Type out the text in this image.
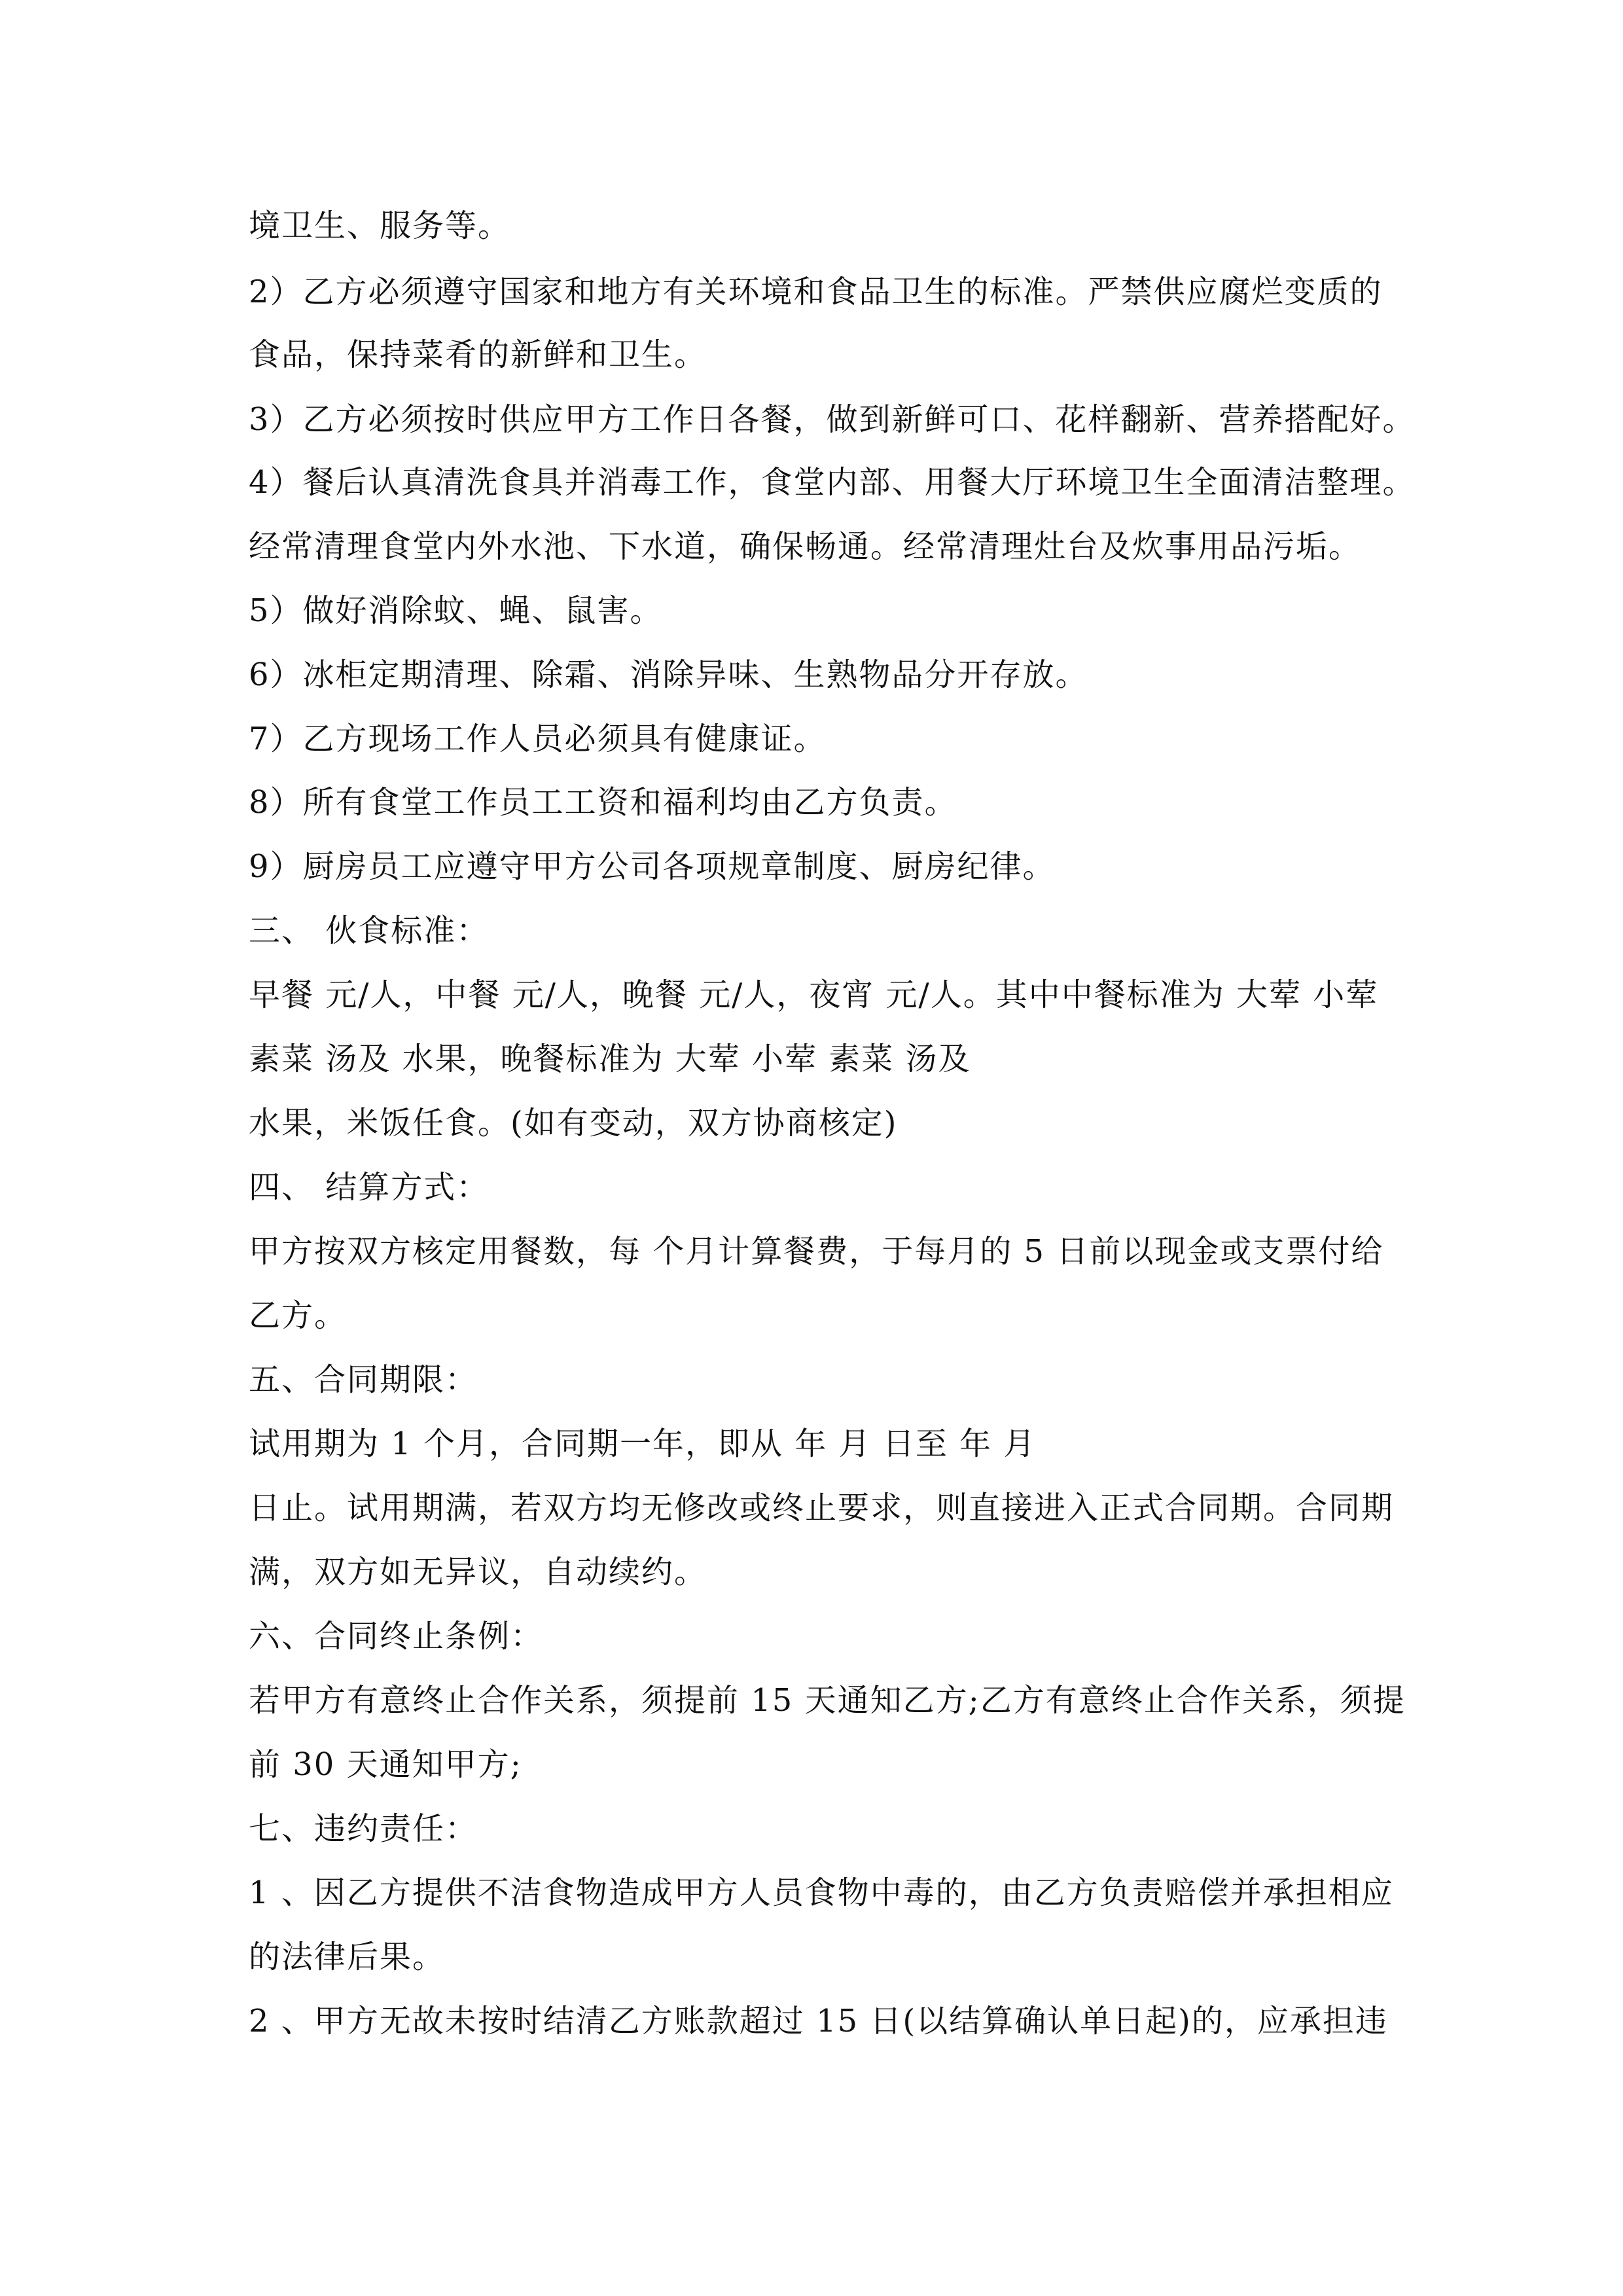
境卫生、服务等。
2）乙方必须遵守国家和地方有关环境和食品卫生的标准。严禁供应腐烂变质的
食品，保持菜肴的新鲜和卫生。
3）乙方必须按时供应甲方工作日各餐，做到新鲜可口、花样翻新、营养搭配好。
4）餐后认真清洗食具并消毒工作，食堂内部、用餐大厅环境卫生全面清洁整理。
经常清理食堂内外水池、下水道，确保畅通。经常清理灶台及炊事用品污垢。
5）做好消除蚊、蝇、鼠害。
6）冰柜定期清理、除霜、消除异味、生熟物品分开存放。
7）乙方现场工作人员必须具有健康证。
8）所有食堂工作员工工资和福利均由乙方负责。
9）厨房员工应遵守甲方公司各项规章制度、厨房纪律。
三、 伙食标准：
早餐 元/人，中餐 元/人，晚餐 元/人，夜宵 元/人。其中中餐标准为 大荤 小荤
素菜 汤及 水果，晚餐标准为 大荤 小荤 素菜 汤及
水果，米饭任食。(如有变动，双方协商核定)
四、 结算方式：
甲方按双方核定用餐数，每 个月计算餐费，于每月的 5 日前以现金或支票付给
乙方。
五、合同期限：
试用期为 1 个月，合同期一年，即从 年 月 日至 年 月
日止。试用期满，若双方均无修改或终止要求，则直接进入正式合同期。合同期
满，双方如无异议，自动续约。
六、合同终止条例：
若甲方有意终止合作关系，须提前 15 天通知乙方;乙方有意终止合作关系，须提
前 30 天通知甲方;
七、违约责任：
1 、因乙方提供不洁食物造成甲方人员食物中毒的，由乙方负责赔偿并承担相应
的法律后果。
2 、甲方无故未按时结清乙方账款超过 15 日(以结算确认单日起)的，应承担违
